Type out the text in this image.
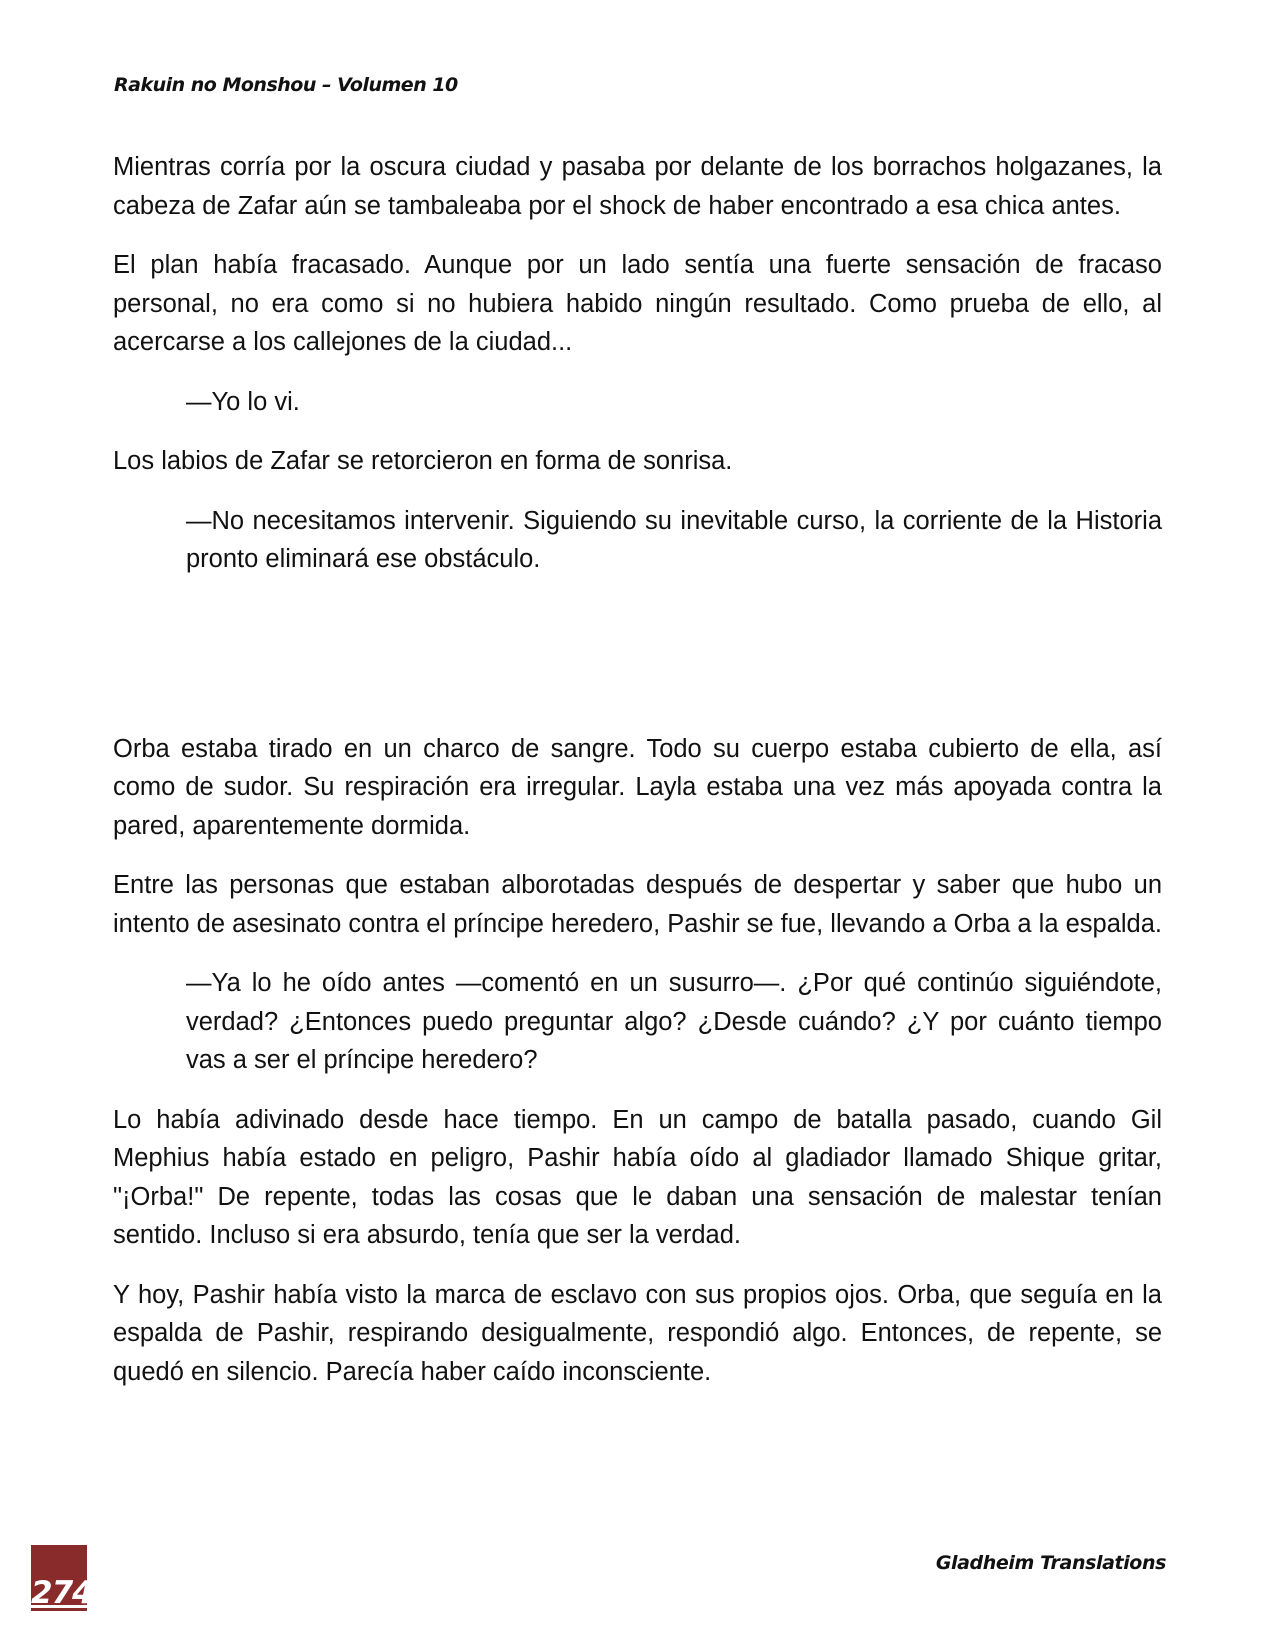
Rakuin no Monshou – Volumen 10

Mientras corría por la oscura ciudad y pasaba por delante de los borrachos holgazanes, la cabeza de Zafar aún se tambaleaba por el shock de haber encontrado a esa chica antes.

El plan había fracasado. Aunque por un lado sentía una fuerte sensación de fracaso personal, no era como si no hubiera habido ningún resultado. Como prueba de ello, al acercarse a los callejones de la ciudad...

—Yo lo vi.

Los labios de Zafar se retorcieron en forma de sonrisa.

—No necesitamos intervenir. Siguiendo su inevitable curso, la corriente de la Historia pronto eliminará ese obstáculo.

Orba estaba tirado en un charco de sangre. Todo su cuerpo estaba cubierto de ella, así como de sudor. Su respiración era irregular. Layla estaba una vez más apoyada contra la pared, aparentemente dormida.

Entre las personas que estaban alborotadas después de despertar y saber que hubo un intento de asesinato contra el príncipe heredero, Pashir se fue, llevando a Orba a la espalda.

—Ya lo he oído antes —comentó en un susurro—. ¿Por qué continúo siguiéndote, verdad? ¿Entonces puedo preguntar algo? ¿Desde cuándo? ¿Y por cuánto tiempo vas a ser el príncipe heredero?

Lo había adivinado desde hace tiempo. En un campo de batalla pasado, cuando Gil Mephius había estado en peligro, Pashir había oído al gladiador llamado Shique gritar, "¡Orba!" De repente, todas las cosas que le daban una sensación de malestar tenían sentido. Incluso si era absurdo, tenía que ser la verdad.

Y hoy, Pashir había visto la marca de esclavo con sus propios ojos. Orba, que seguía en la espalda de Pashir, respirando desigualmente, respondió algo. Entonces, de repente, se quedó en silencio. Parecía haber caído inconsciente.

274
Gladheim Translations
